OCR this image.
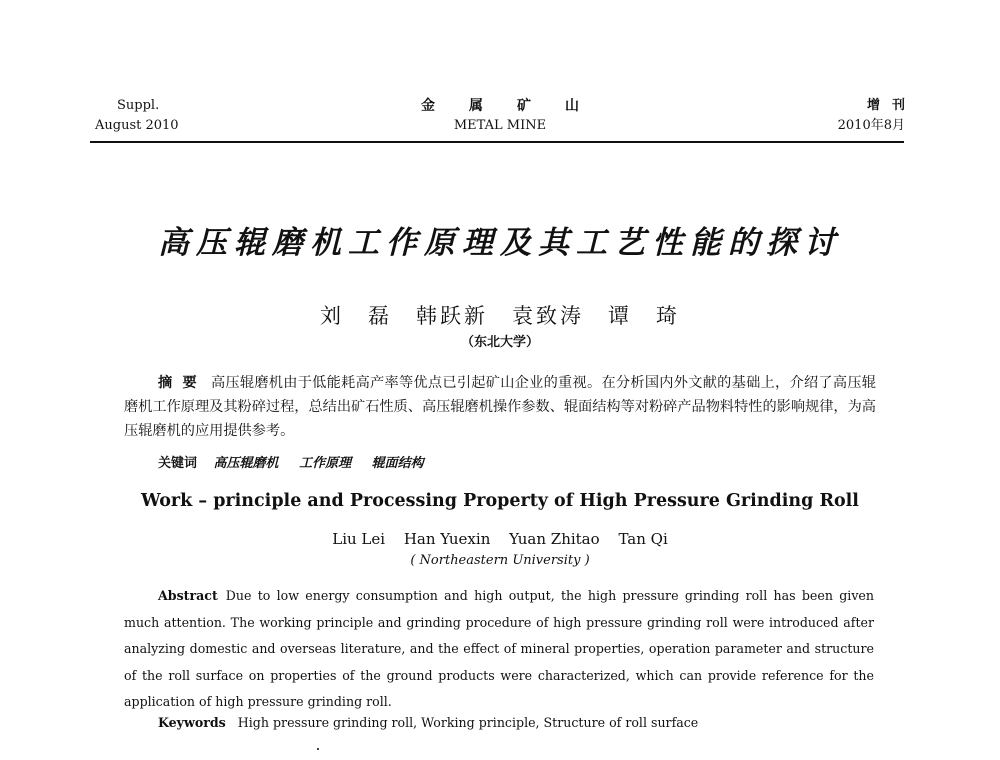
Suppl.
August 2010
金属矿山
METAL MINE
增刊
2010年8月
高压辊磨机工作原理及其工艺性能的探讨
刘　磊　韩跃新　袁致涛　谭　琦
（东北大学）
摘要 高压辊磨机由于低能耗高产率等优点已引起矿山企业的重视。在分析国内外文献的基础上，介绍了高压辊磨机工作原理及其粉碎过程，总结出矿石性质、高压辊磨机操作参数、辊面结构等对粉碎产品物料特性的影响规律，为高压辊磨机的应用提供参考。
关键词 高压辊磨机 工作原理 辊面结构
Work – principle and Processing Property of High Pressure Grinding Roll
Liu Lei Han Yuexin Yuan Zhitao Tan Qi
( Northeastern University )
Abstract Due to low energy consumption and high output, the high pressure grinding roll has been given much attention. The working principle and grinding procedure of high pressure grinding roll were introduced after analyzing domestic and overseas literature, and the effect of mineral properties, operation parameter and structure of the roll surface on properties of the ground products were characterized, which can provide reference for the application of high pressure grinding roll.
Keywords High pressure grinding roll, Working principle, Structure of roll surface
